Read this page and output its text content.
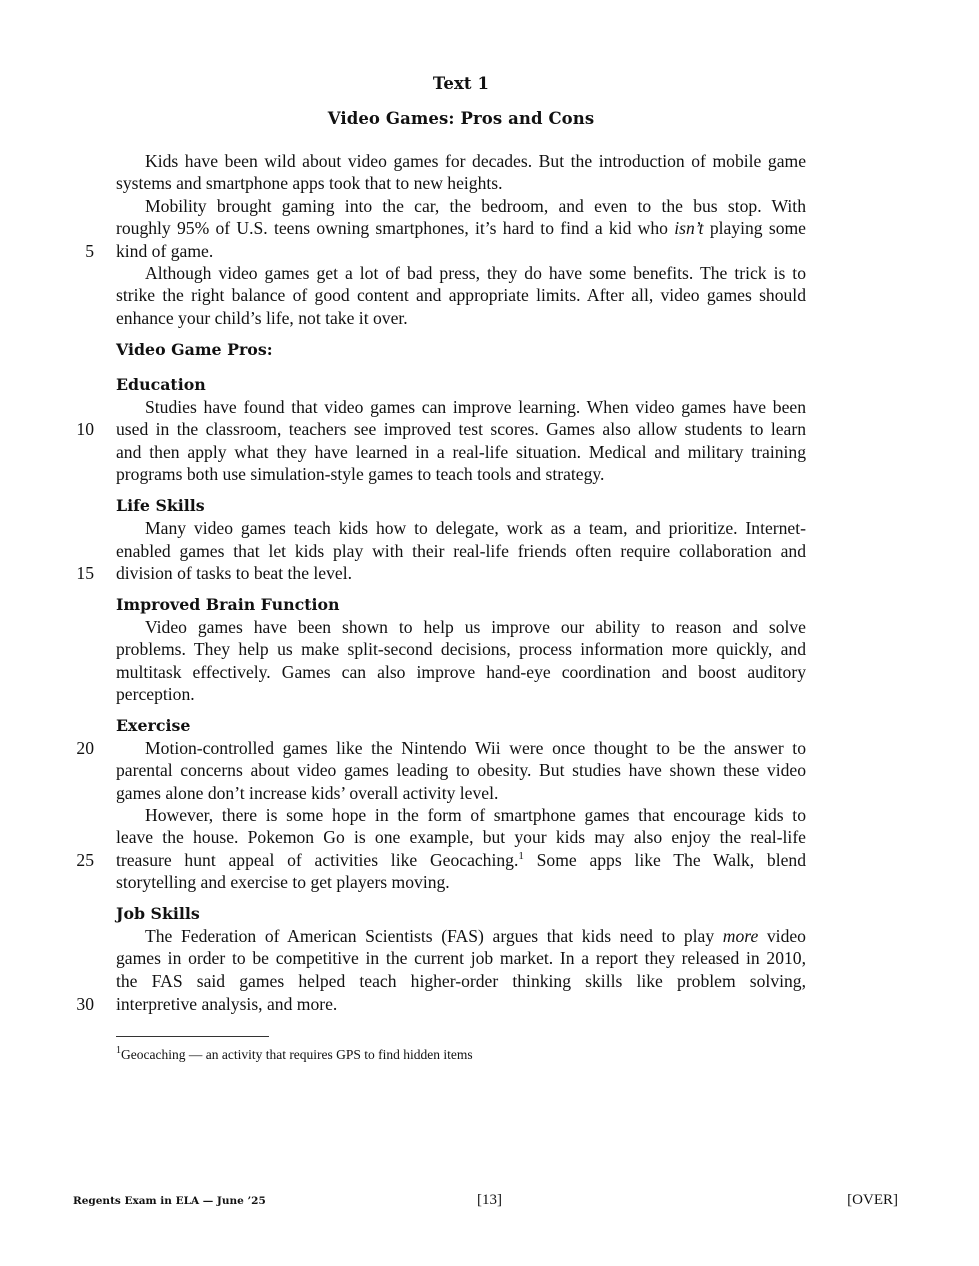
Text 1
Video Games: Pros and Cons
Kids have been wild about video games for decades. But the introduction of mobile game
systems and smartphone apps took that to new heights.
Mobility brought gaming into the car, the bedroom, and even to the bus stop. With
roughly 95% of U.S. teens owning smartphones, it’s hard to find a kid who isn’t playing some
5 kind of game.
Although video games get a lot of bad press, they do have some benefits. The trick is to
strike the right balance of good content and appropriate limits. After all, video games should
enhance your child’s life, not take it over.
Video Game Pros:
Education
Studies have found that video games can improve learning. When video games have been
10 used in the classroom, teachers see improved test scores. Games also allow students to learn
and then apply what they have learned in a real-life situation. Medical and military training
programs both use simulation-style games to teach tools and strategy.
Life Skills
Many video games teach kids how to delegate, work as a team, and prioritize. Internet-
enabled games that let kids play with their real-life friends often require collaboration and
15 division of tasks to beat the level.
Improved Brain Function
Video games have been shown to help us improve our ability to reason and solve
problems. They help us make split-second decisions, process information more quickly, and
multitask effectively. Games can also improve hand-eye coordination and boost auditory
perception.
Exercise
20	Motion-controlled games like the Nintendo Wii were once thought to be the answer to
parental concerns about video games leading to obesity. But studies have shown these video
games alone don’t increase kids’ overall activity level.
However, there is some hope in the form of smartphone games that encourage kids to
leave the house. Pokemon Go is one example, but your kids may also enjoy the real-life
25 treasure hunt appeal of activities like Geocaching.$^1$ Some apps like The Walk, blend
storytelling and exercise to get players moving.
Job Skills
The Federation of American Scientists (FAS) argues that kids need to play more video
games in order to be competitive in the current job market. In a report they released in 2010,
the FAS said games helped teach higher-order thinking skills like problem solving,
30 interpretive analysis, and more.
$^1$Geocaching — an activity that requires GPS to find hidden items
Regents Exam in ELA — June ’25	[13]	[OVER]
